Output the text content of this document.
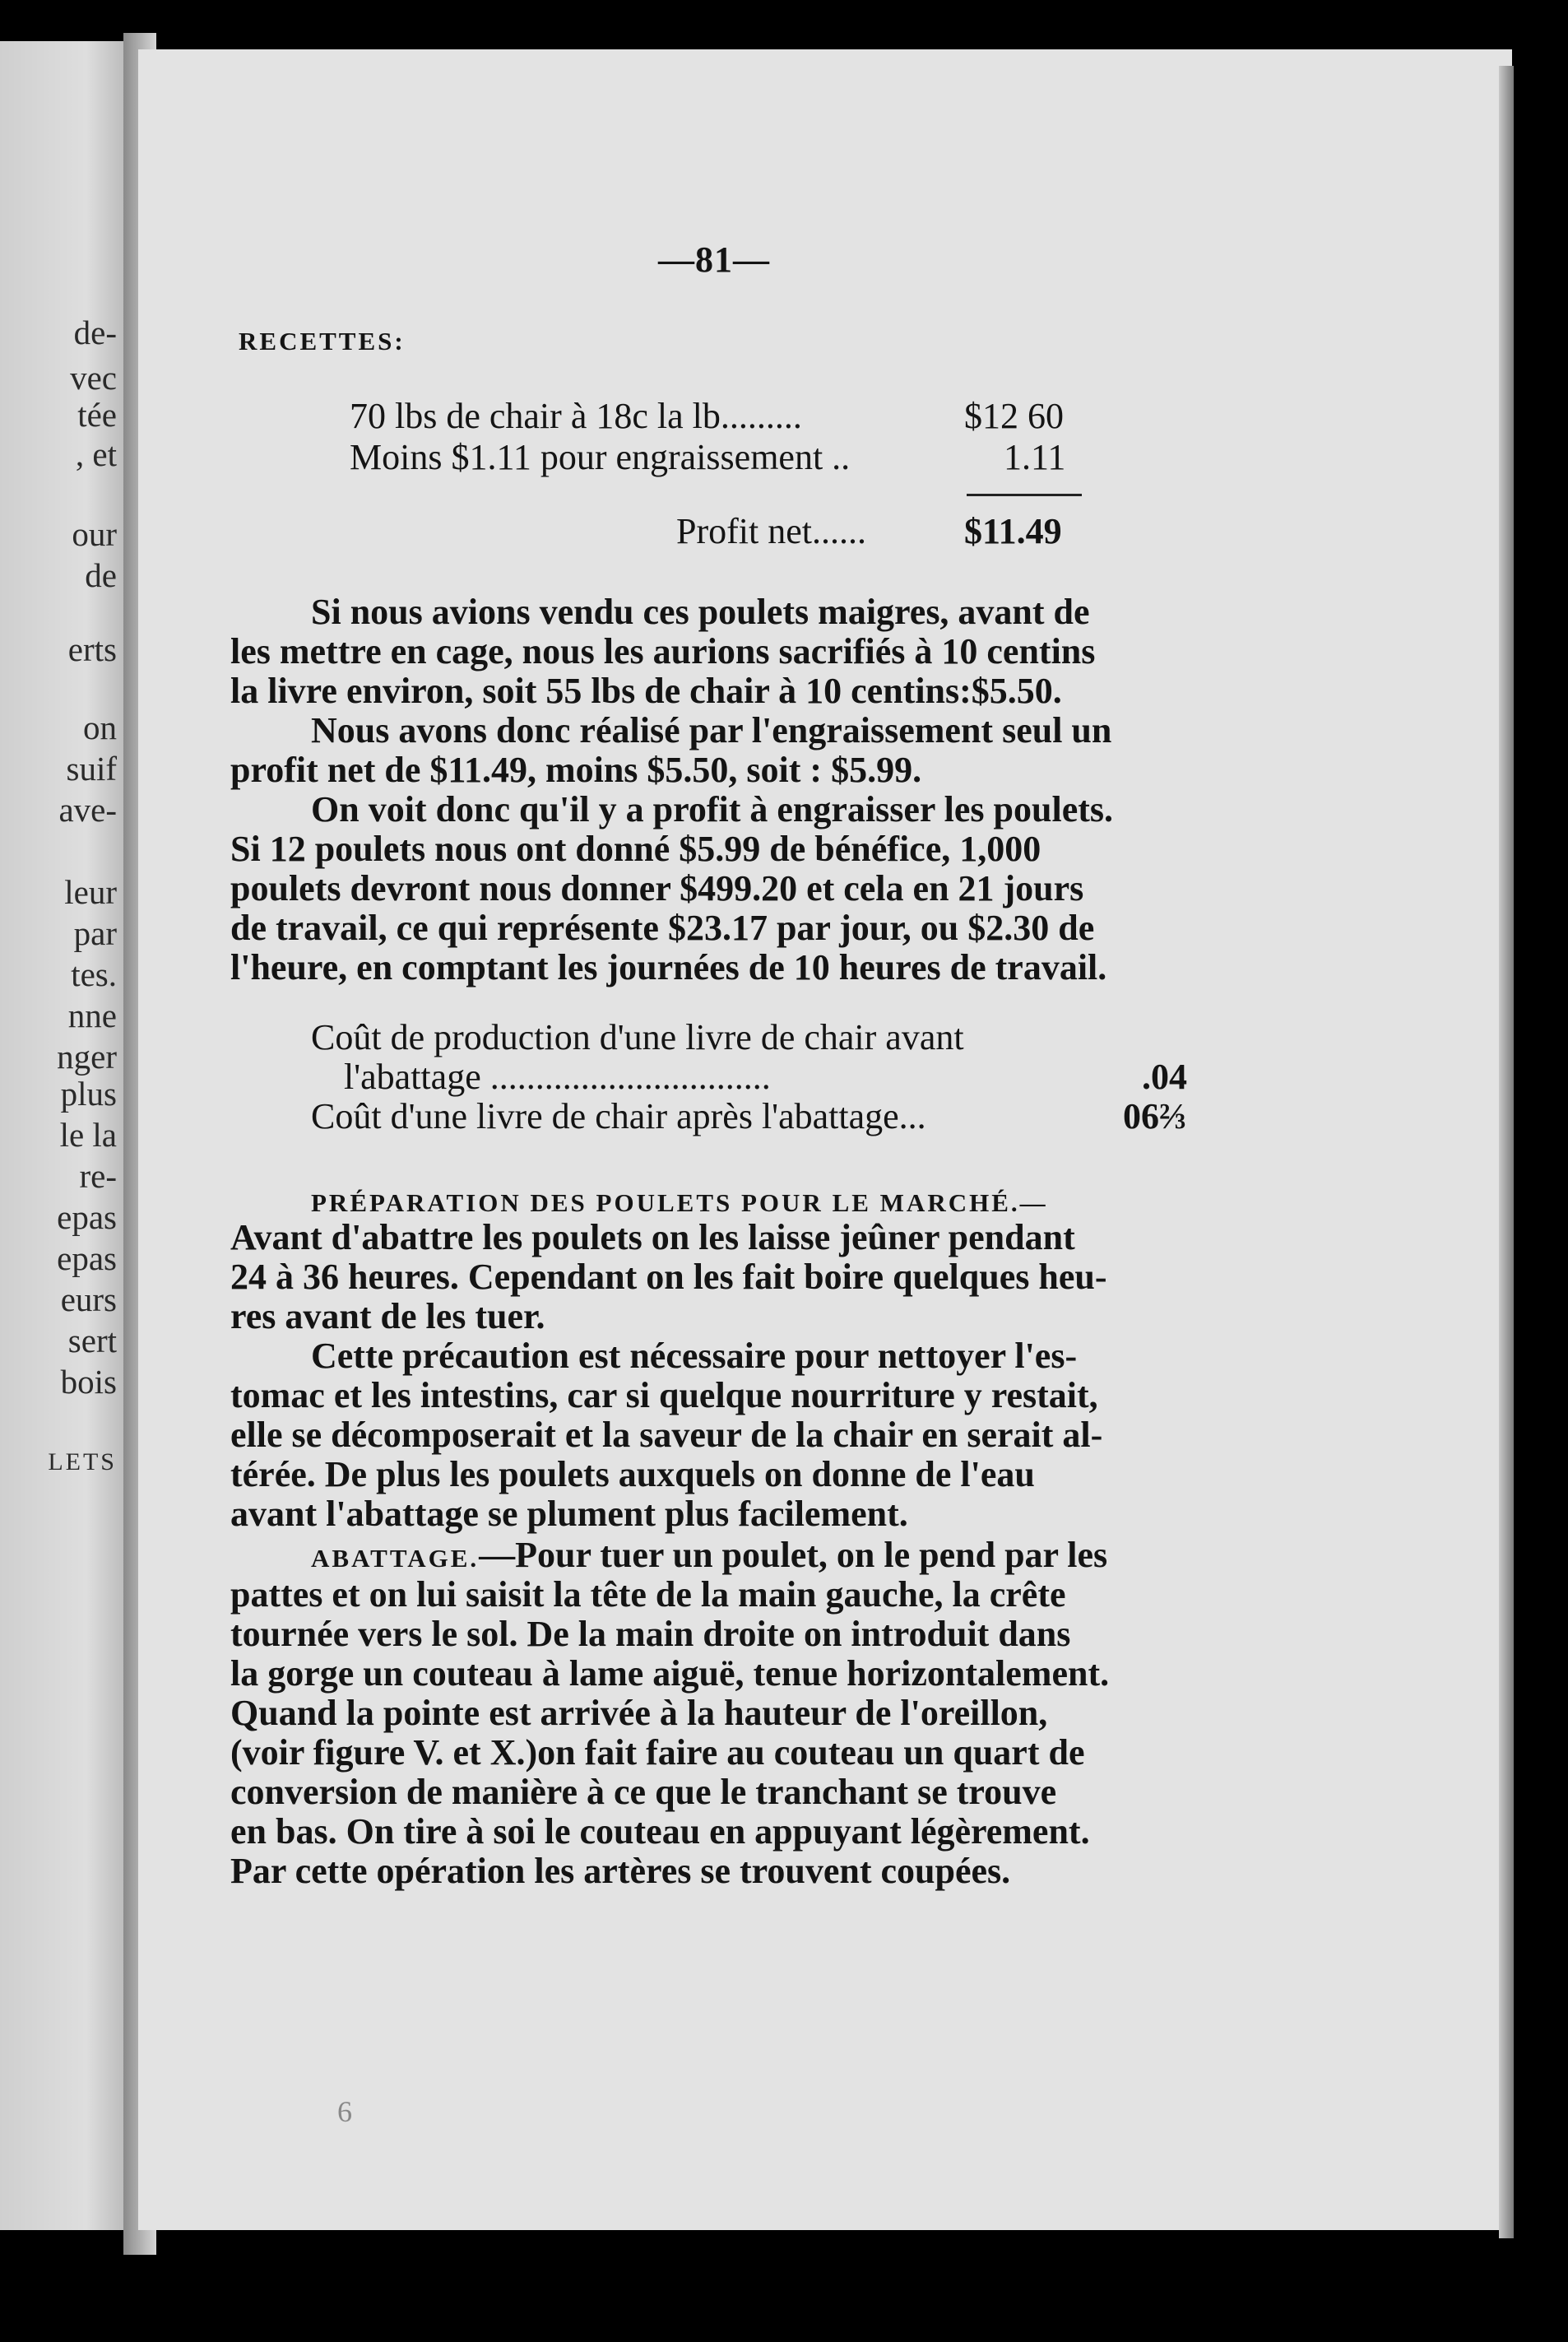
de-
vec
tée
, et
our
de
erts
on
suif
ave-
leur
par
tes.
nne
nger
plus
le la
re-
epas
epas
eurs
sert
bois
LETS
—81—
RECETTES:
70 lbs de chair à 18c la lb.........	$12 60
Moins $1.11 pour engraissement ..	1.11
Profit net......	$11.49
Si nous avions vendu ces poulets maigres, avant de
les mettre en cage, nous les aurions sacrifiés à 10 centins
la livre environ, soit 55 lbs de chair à 10 centins:$5.50.
Nous avons donc réalisé par l'engraissement seul un
profit net de $11.49, moins $5.50, soit : $5.99.
On voit donc qu'il y a profit à engraisser les poulets.
Si 12 poulets nous ont donné $5.99 de bénéfice, 1,000
poulets devront nous donner $499.20 et cela en 21 jours
de travail, ce qui représente $23.17 par jour, ou $2.30 de
l'heure, en comptant les journées de 10 heures de travail.
Coût de production d'une livre de chair avant
l'abattage ...............................	.04
Coût d'une livre de chair après l'abattage...	06⅔
PRÉPARATION DES POULETS POUR LE MARCHÉ.—
Avant d'abattre les poulets on les laisse jeûner pendant
24 à 36 heures. Cependant on les fait boire quelques heu-
res avant de les tuer.
Cette précaution est nécessaire pour nettoyer l'es-
tomac et les intestins, car si quelque nourriture y restait,
elle se décomposerait et la saveur de la chair en serait al-
térée. De plus les poulets auxquels on donne de l'eau
avant l'abattage se plument plus facilement.
ABATTAGE.—Pour tuer un poulet, on le pend par les
pattes et on lui saisit la tête de la main gauche, la crête
tournée vers le sol. De la main droite on introduit dans
la gorge un couteau à lame aiguë, tenue horizontalement.
Quand la pointe est arrivée à la hauteur de l'oreillon,
(voir figure V. et X.)on fait faire au couteau un quart de
conversion de manière à ce que le tranchant se trouve
en bas. On tire à soi le couteau en appuyant légèrement.
Par cette opération les artères se trouvent coupées.
6
